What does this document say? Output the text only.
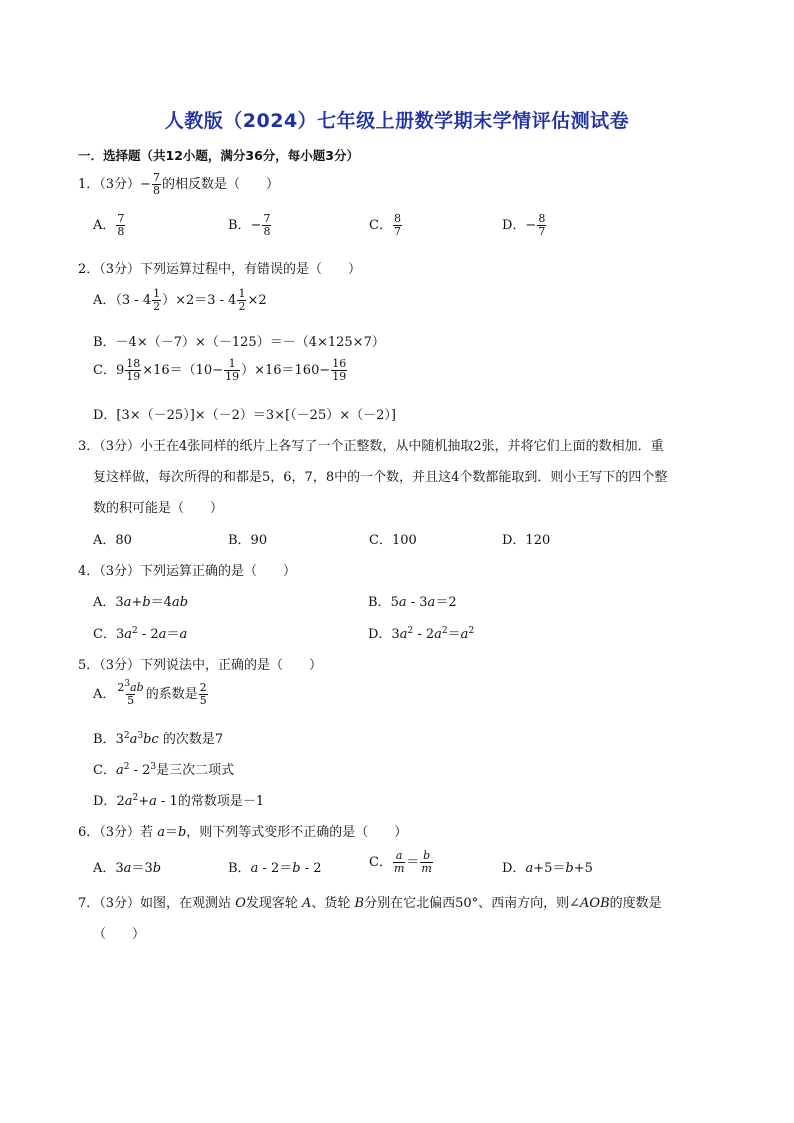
人教版（2024）七年级上册数学期末学情评估测试卷
一．选择题（共12小题，满分36分，每小题3分）
1．（3分）− $\frac{7}{8}$ 的相反数是（　　）
A． $\frac{7}{8}$	B．− $\frac{7}{8}$	C． $\frac{8}{7}$	D．− $\frac{8}{7}$
2．（3分）下列运算过程中，有错误的是（　　）
A．$(3 - 4 \frac{1}{2} )\times 2=3 - 4 \frac{1}{2} \times 2$
B．－4×（－7）×（－125）＝－（4×125×7）
C．$9 \frac{18}{19} \times 16=(10- \frac{1}{19} )\times 16=160- \frac{16}{19}$
D．[3×（－25）]×（－2）＝3×[（－25）×（－2）]
3．（3分）小王在4张同样的纸片上各写了一个正整数，从中随机抽取2张，并将它们上面的数相加．重
复这样做，每次所得的和都是5，6，7，8中的一个数，并且这4个数都能取到．则小王写下的四个整
数的积可能是（　　）
A．80	B．90	C．100	D．120
4．（3分）下列运算正确的是（　　）
A．3a+b＝4ab	B．5a - 3a＝2
C．$3a^2 - 2a=a$	D．$3a^2 - 2a^2=a^2$
5．（3分）下列说法中，正确的是（　　）
A． $\frac{2^3ab}{5}$ 的系数是 $\frac{2}{5}$
B．$3^2a^3bc$ 的次数是7
C．$a^2 - 2^3$是三次二项式
D．$2a^2+a - 1$的常数项是－1
6．（3分）若 a＝b，则下列等式变形不正确的是（　　）
A．3a＝3b	B．a - 2＝b - 2	C． $\frac{a}{m} = \frac{b}{m}$	D．a+5＝b+5
7．（3分）如图，在观测站 O发现客轮 A、货轮 B分别在它北偏西50°、西南方向，则∠AOB的度数是
（　　）
